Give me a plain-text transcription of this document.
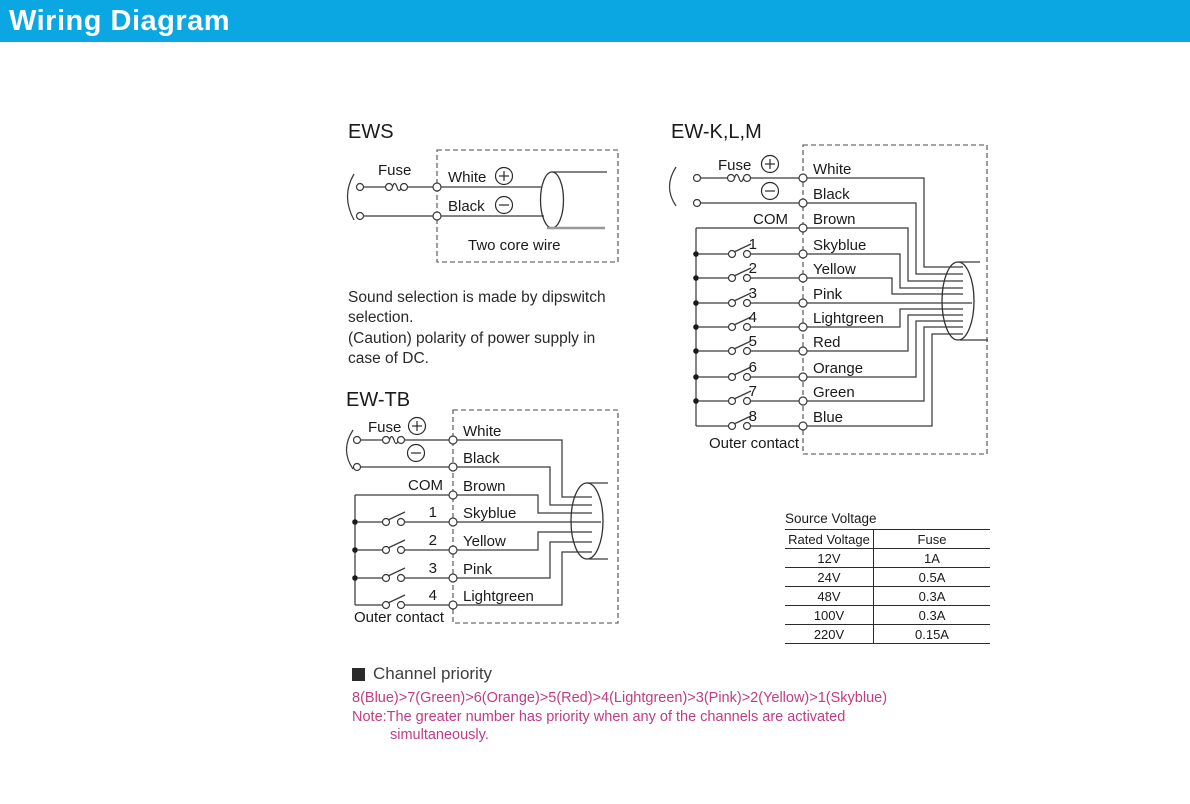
Wiring Diagram
EWS
Fuse White
Black
Two core wire
Sound selection is made by dipswitch
selection.
(Caution) polarity of power supply in
case of DC.
EW-TB
Fuse
COM
1
2
3
4
White
Black
Brown
Skyblue
Yellow
Pink
Lightgreen
Outer contact
EW-K,L,M
Fuse
COM
1
2
3
4
5
6
7
8
White
Black
Brown
Skyblue
Yellow
Pink
Lightgreen
Red
Orange
Green
Blue
Outer contact
Source Voltage
Rated Voltage	Fuse
12V	1A
24V	0.5A
48V	0.3A
100V	0.3A
220V	0.15A
Channel priority
8(Blue)>7(Green)>6(Orange)>5(Red)>4(Lightgreen)>3(Pink)>2(Yellow)>1(Skyblue)
Note:The greater number has priority when any of the channels are activated
simultaneously.
